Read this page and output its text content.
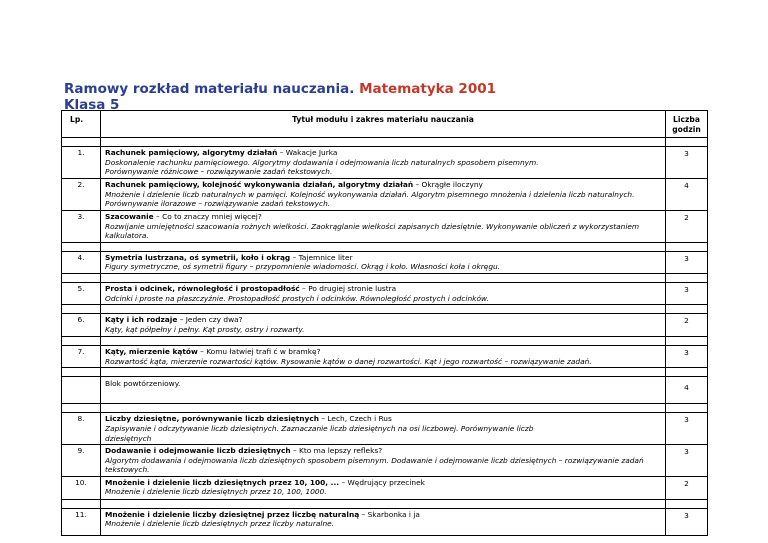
Ramowy rozkład materiału nauczania. Matematyka 2001
Klasa 5
Lp.	Tytuł modułu i zakres materiału nauczania	Liczba
godzin

1.	Rachunek pamięciowy, algorytmy działań – Wakacje Jurka
Doskonalenie rachunku pamięciowego. Algorytmy dodawania i odejmowania liczb naturalnych sposobem pisemnym.
Porównywanie różnicowe – rozwiązywanie zadań tekstowych.	3
2.	Rachunek pamięciowy, kolejność wykonywania działań, algorytmy działań – Okrągłe iloczyny
Mnożenie i dzielenie liczb naturalnych w pamięci. Kolejność wykonywania działań. Algorytm pisemnego mnożenia i dzielenia liczb naturalnych.
Porównywanie ilorazowe – rozwiązywanie zadań tekstowych.	4
3.	Szacowanie – Co to znaczy mniej więcej?
Rozwijanie umiejętności szacowania rożnych wielkości. Zaokrąglanie wielkości zapisanych dziesiętnie. Wykonywanie obliczeń z wykorzystaniem kalkulatora.	2

4.	Symetria lustrzana, oś symetrii, koło i okrąg – Tajemnice liter
Figury symetryczne, oś symetrii figury – przypomnienie wiadomości. Okrąg i koło. Własności koła i okręgu.	3

5.	Prosta i odcinek, równoległość i prostopadłość – Po drugiej stronie lustra
Odcinki i proste na płaszczyźnie. Prostopadłość prostych i odcinków. Równoległość prostych i odcinków.	3

6.	Kąty i ich rodzaje – Jeden czy dwa?
Kąty, kąt półpełny i pełny. Kąt prosty, ostry i rozwarty.	2

7.	Kąty, mierzenie kątów – Komu łatwiej trafi ć w bramkę?
Rozwartość kąta, mierzenie rozwartości kątów. Rysowanie kątów o danej rozwartości. Kąt i jego rozwartość – rozwiązywanie zadań.	3

	Blok powtórzeniowy.	4

8.	Liczby dziesiętne, porównywanie liczb dziesiętnych – Lech, Czech i Rus
Zapisywanie i odczytywanie liczb dziesiętnych. Zaznaczanie liczb dziesiętnych na osi liczbowej. Porównywanie liczb
dziesiętnych	3
9.	Dodawanie i odejmowanie liczb dziesiętnych – Kto ma lepszy refleks?
Algorytm dodawania i odejmowania liczb dziesiętnych sposobem pisemnym. Dodawanie i odejmowanie liczb dziesiętnych – rozwiązywanie zadań
tekstowych.	3
10.	Mnożenie i dzielenie liczb dziesiętnych przez 10, 100, ... – Wędrujący przecinek
Mnożenie i dzielenie liczb dziesiętnych przez 10, 100, 1000.	2

11.	Mnożenie i dzielenie liczby dziesiętnej przez liczbę naturalną – Skarbonka i ja
Mnożenie i dzielenie liczb dziesiętnych przez liczby naturalne.	3
